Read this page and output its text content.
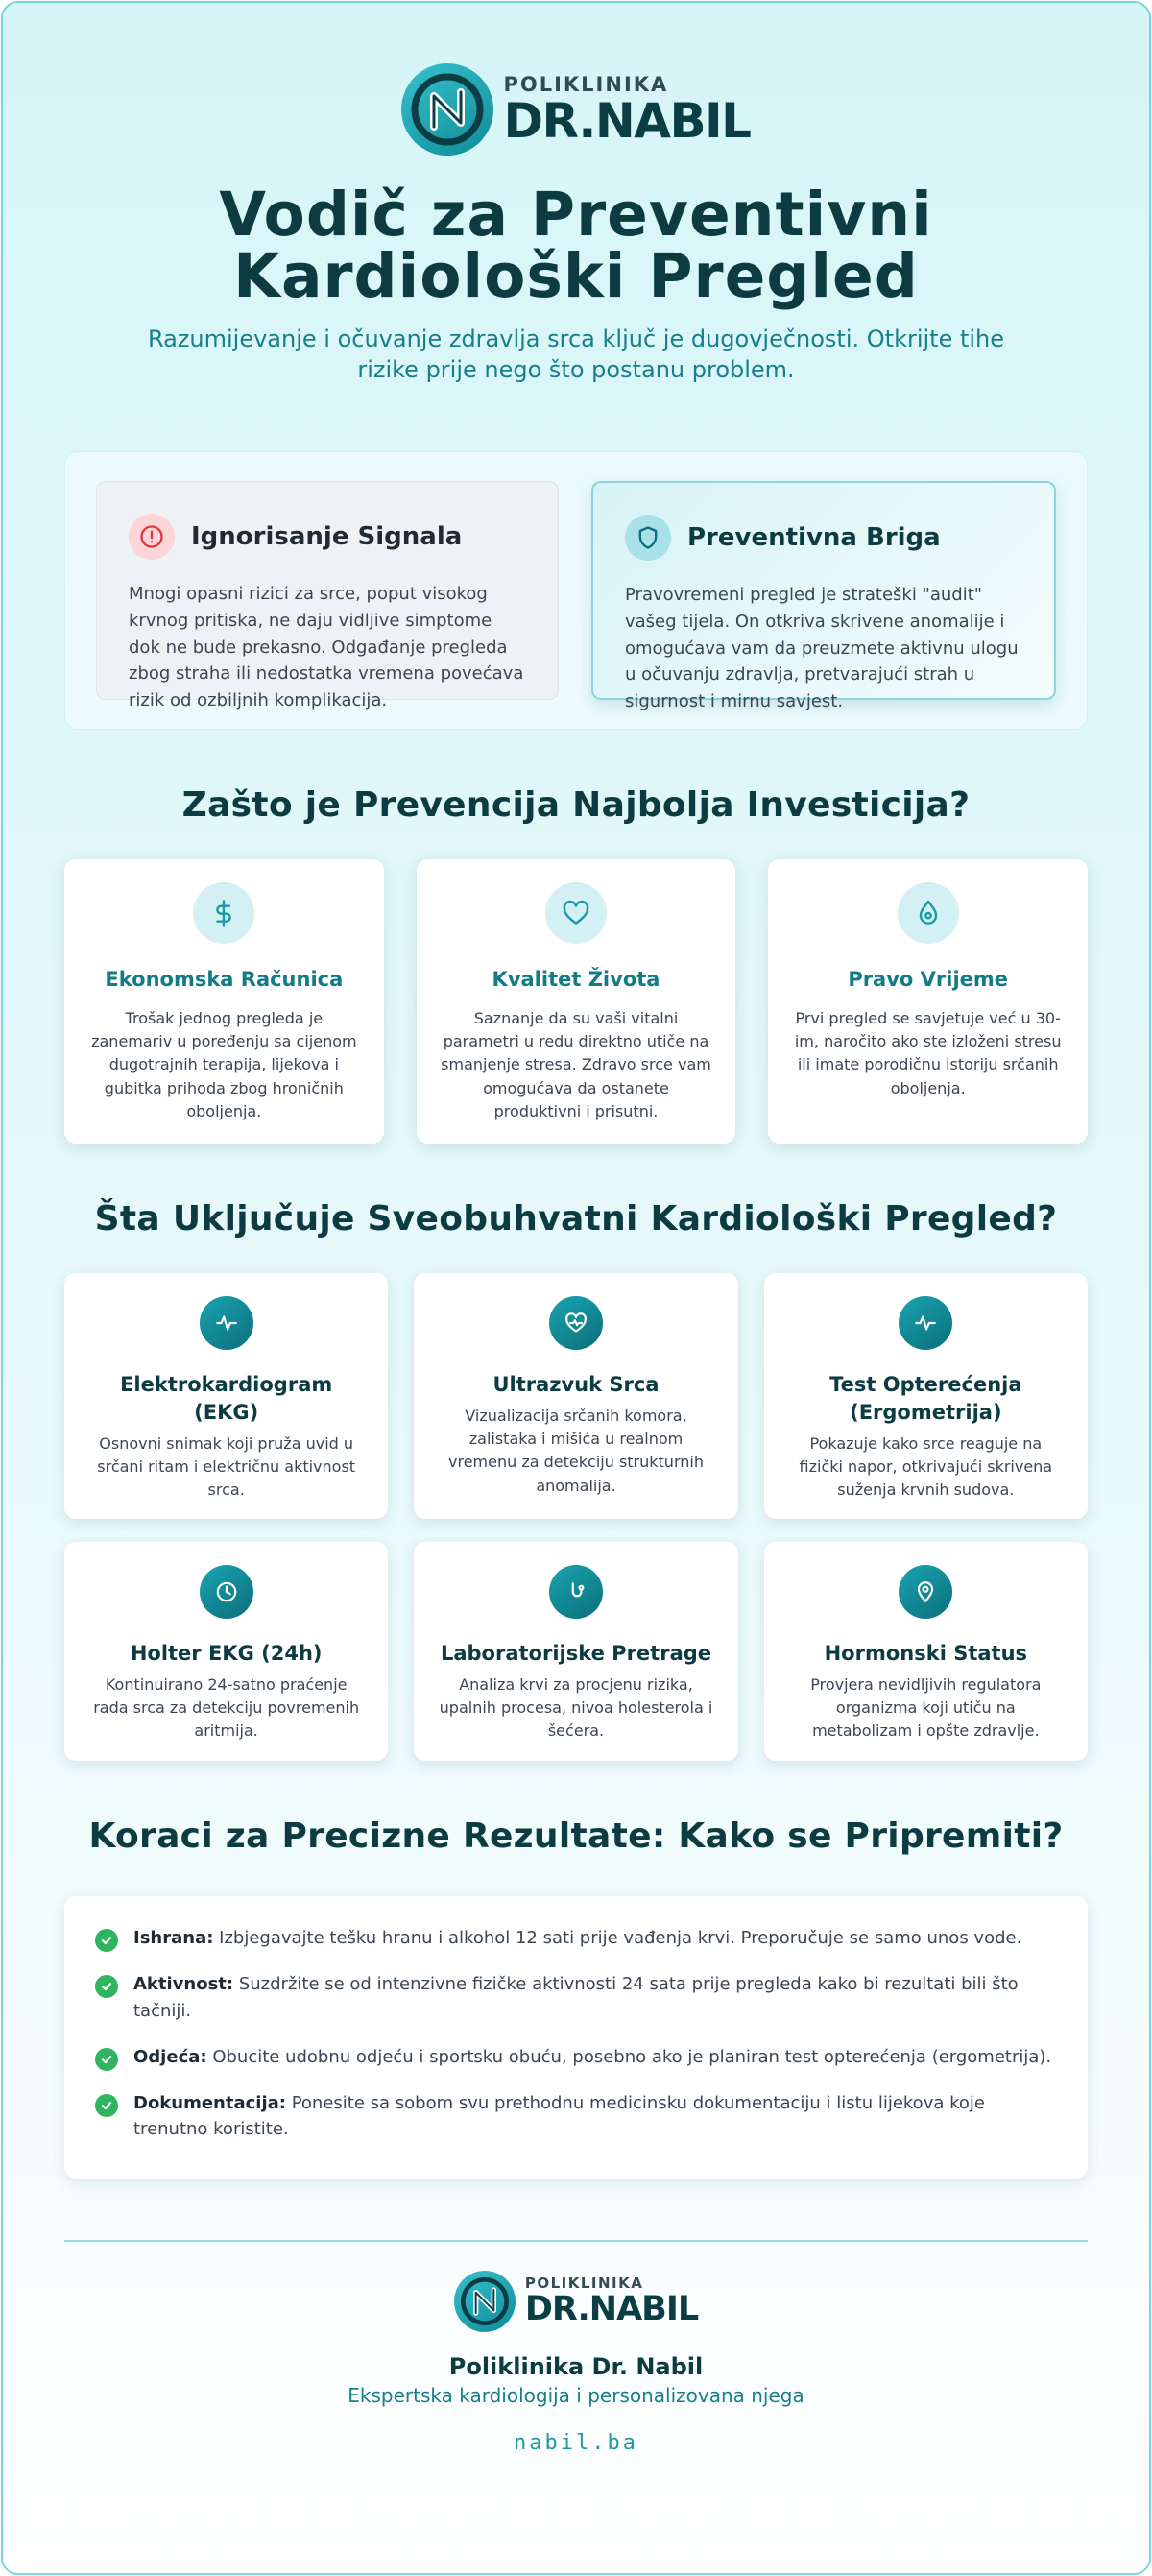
POLIKLINIKA
DR.NABIL
Vodič za Preventivni
Kardiološki Pregled

Razumijevanje i očuvanje zdravlja srca ključ je dugovječnosti. Otkrijte tihe rizike prije nego što postanu problem.

Ignorisanje Signala

Mnogi opasni rizici za srce, poput visokog krvnog pritiska, ne daju vidljive simptome dok ne bude prekasno. Odgađanje pregleda zbog straha ili nedostatka vremena povećava rizik od ozbiljnih komplikacija.

Preventivna Briga

Pravovremeni pregled je strateški "audit" vašeg tijela. On otkriva skrivene anomalije i omogućava vam da preuzmete aktivnu ulogu u očuvanju zdravlja, pretvarajući strah u sigurnost i mirnu savjest.

Zašto je Prevencija Najbolja Investicija?
Ekonomska Računica

Trošak jednog pregleda je zanemariv u poređenju sa cijenom dugotrajnih terapija, lijekova i gubitka prihoda zbog hroničnih oboljenja.

Kvalitet Života

Saznanje da su vaši vitalni parametri u redu direktno utiče na smanjenje stresa. Zdravo srce vam omogućava da ostanete produktivni i prisutni.

Pravo Vrijeme

Prvi pregled se savjetuje već u 30-im, naročito ako ste izloženi stresu ili imate porodičnu istoriju srčanih oboljenja.

Šta Uključuje Sveobuhvatni Kardiološki Pregled?
Elektrokardiogram (EKG)

Osnovni snimak koji pruža uvid u srčani ritam i električnu aktivnost srca.

Ultrazvuk Srca

Vizualizacija srčanih komora, zalistaka i mišića u realnom vremenu za detekciju strukturnih anomalija.

Test Opterećenja (Ergometrija)

Pokazuje kako srce reaguje na fizički napor, otkrivajući skrivena suženja krvnih sudova.

Holter EKG (24h)

Kontinuirano 24-satno praćenje rada srca za detekciju povremenih aritmija.

Laboratorijske Pretrage

Analiza krvi za procjenu rizika, upalnih procesa, nivoa holesterola i šećera.

Hormonski Status

Provjera nevidljivih regulatora organizma koji utiču na metabolizam i opšte zdravlje.

Koraci za Precizne Rezultate: Kako se Pripremiti?

Ishrana: Izbjegavajte tešku hranu i alkohol 12 sati prije vađenja krvi. Preporučuje se samo unos vode.

Aktivnost: Suzdržite se od intenzivne fizičke aktivnosti 24 sata prije pregleda kako bi rezultati bili što tačniji.

Odjeća: Obucite udobnu odjeću i sportsku obuću, posebno ako je planiran test opterećenja (ergometrija).

Dokumentacija: Ponesite sa sobom svu prethodnu medicinsku dokumentaciju i listu lijekova koje trenutno koristite.

POLIKLINIKA
DR.NABIL
Poliklinika Dr. Nabil
Ekspertska kardiologija i personalizovana njega
nabil.ba
